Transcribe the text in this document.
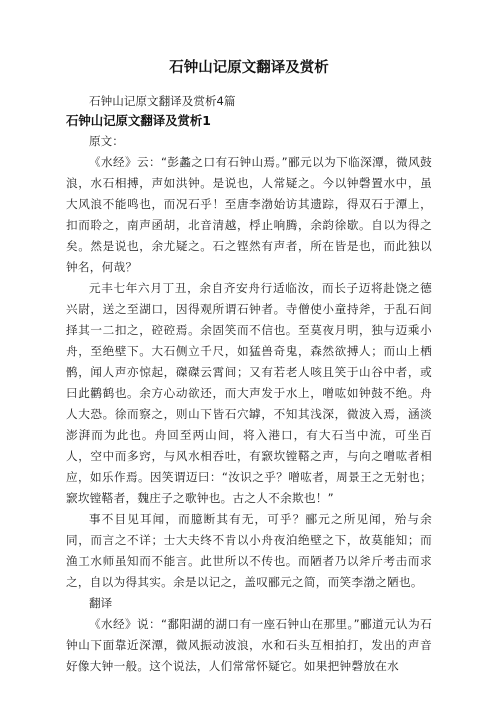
石钟山记原文翻译及赏析

石钟山记原文翻译及赏析4篇

石钟山记原文翻译及赏析1

原文：

《水经》云：“彭蠡之口有石钟山焉。”郦元以为下临深潭，微风鼓浪，水石相搏，声如洪钟。是说也，人常疑之。今以钟磬置水中，虽大风浪不能鸣也，而况石乎！至唐李渤始访其遗踪，得双石于潭上，扣而聆之，南声函胡，北音清越，桴止响腾，余韵徐歇。自以为得之矣。然是说也，余尤疑之。石之铿然有声者，所在皆是也，而此独以钟名，何哉？

元丰七年六月丁丑，余自齐安舟行适临汝，而长子迈将赴饶之德兴尉，送之至湖口，因得观所谓石钟者。寺僧使小童持斧，于乱石间择其一二扣之，硿硿焉。余固笑而不信也。至莫夜月明，独与迈乘小舟，至绝壁下。大石侧立千尺，如猛兽奇鬼，森然欲搏人；而山上栖鹘，闻人声亦惊起，磔磔云霄间；又有若老人咳且笑于山谷中者，或曰此鹳鹤也。余方心动欲还，而大声发于水上，噌吰如钟鼓不绝。舟人大恐。徐而察之，则山下皆石穴罅，不知其浅深，微波入焉，涵淡澎湃而为此也。舟回至两山间，将入港口，有大石当中流，可坐百人，空中而多窍，与风水相吞吐，有窾坎镗鞳之声，与向之噌吰者相应，如乐作焉。因笑谓迈曰：“汝识之乎？噌吰者，周景王之无射也；窾坎镗鞳者，魏庄子之歌钟也。古之人不余欺也！”

事不目见耳闻，而臆断其有无，可乎？郦元之所见闻，殆与余同，而言之不详；士大夫终不肯以小舟夜泊绝壁之下，故莫能知；而渔工水师虽知而不能言。此世所以不传也。而陋者乃以斧斤考击而求之，自以为得其实。余是以记之，盖叹郦元之简，而笑李渤之陋也。

翻译

《水经》说：“鄱阳湖的湖口有一座石钟山在那里。”郦道元认为石钟山下面靠近深潭，微风振动波浪，水和石头互相拍打，发出的声音好像大钟一般。这个说法，人们常常怀疑它。如果把钟磬放在水
